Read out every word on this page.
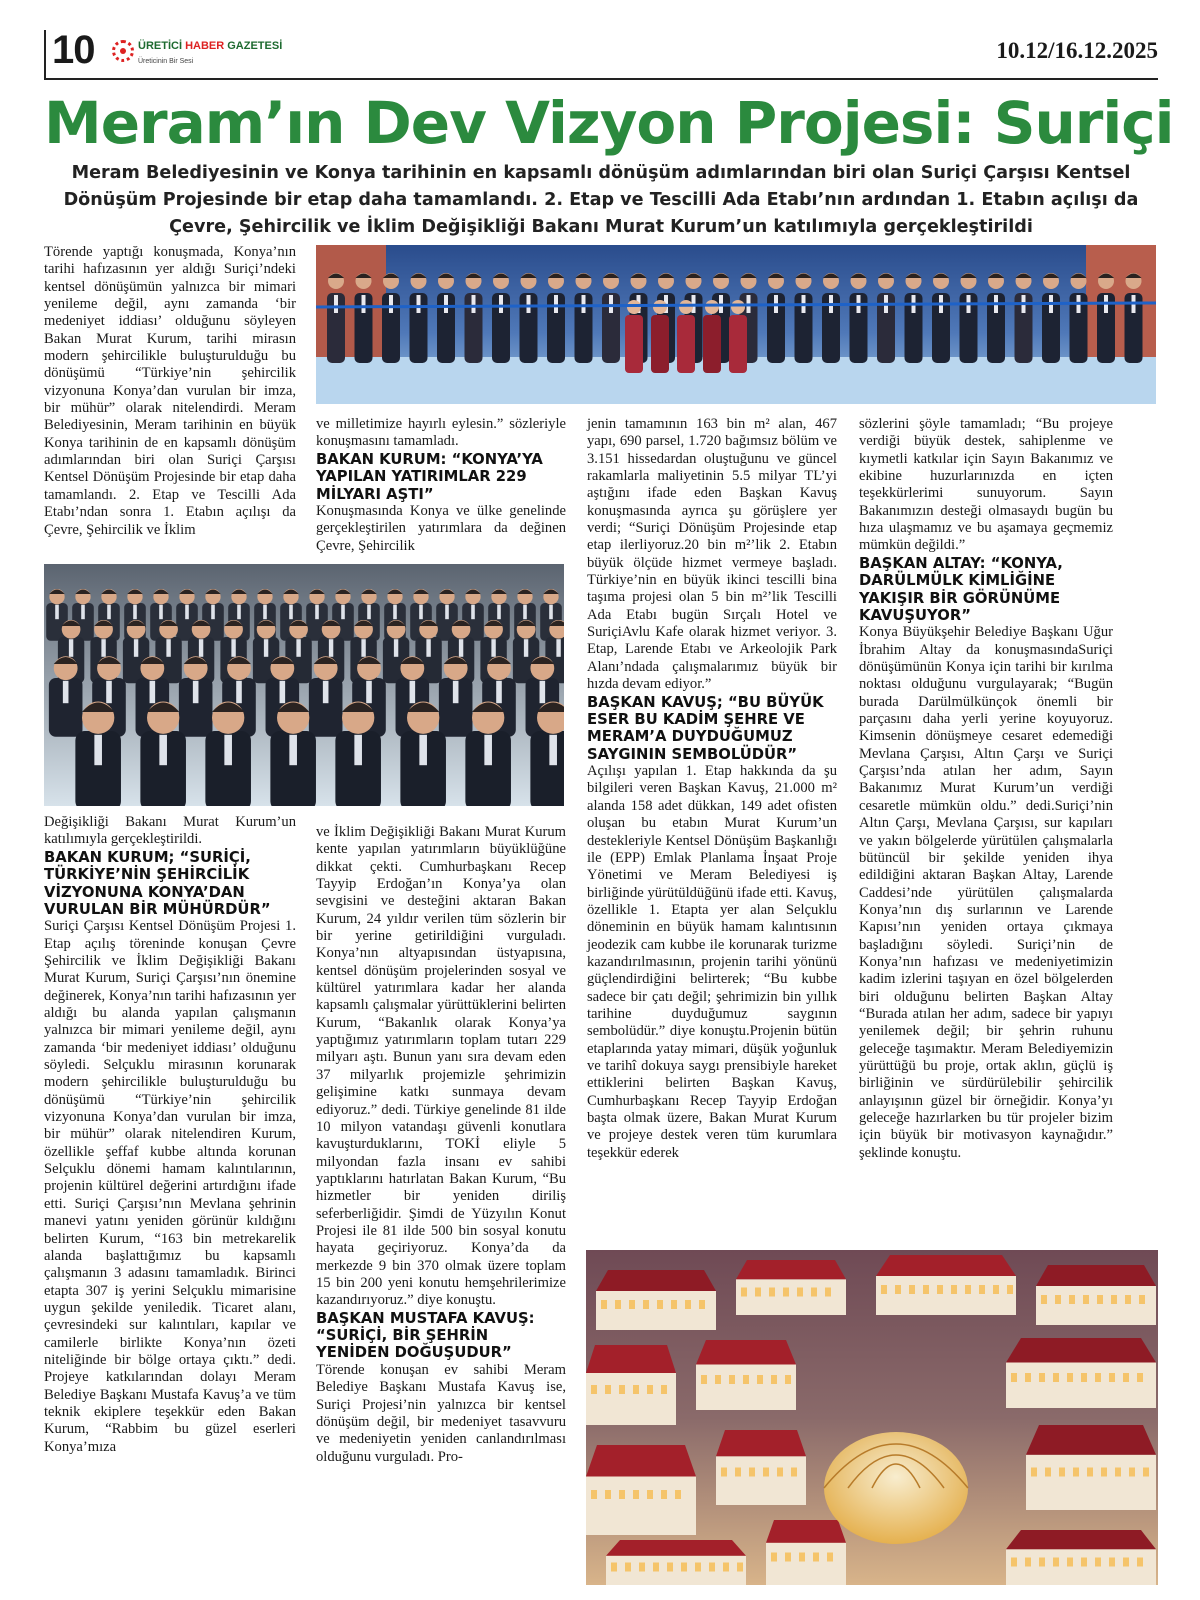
10	ÜRETİCİ HABER GAZETESİ
Üreticinin Bir Sesi	10.12/16.12.2025
Meram’ın Dev Vizyon Projesi: Suriçi
Meram Belediyesinin ve Konya tarihinin en kapsamlı dönüşüm adımlarından biri olan Suriçi Çarşısı Kentsel Dönüşüm Projesinde bir etap daha tamamlandı. 2. Etap ve Tescilli Ada Etabı’nın ardından 1. Etabın açılışı da Çevre, Şehircilik ve İklim Değişikliği Bakanı Murat Kurum’un katılımıyla gerçekleştirildi

Törende yaptığı konuşmada, Konya’nın tarihi hafızasının yer aldığı Suriçi’ndeki kentsel dönüşümün yalnızca bir mimari yenileme değil, aynı zamanda ‘bir medeniyet iddiası’ olduğunu söyleyen Bakan Murat Kurum, tarihi mirasın modern şehircilikle buluşturulduğu bu dönüşümü “Türkiye’nin şehircilik vizyonuna Konya’dan vurulan bir imza, bir mühür” olarak nitelendirdi. Meram Belediyesinin, Meram tarihinin en büyük Konya tarihinin de en kapsamlı dönüşüm adımlarından biri olan Suriçi Çarşısı Kentsel Dönüşüm Projesinde bir etap daha tamamlandı. 2. Etap ve Tescilli Ada Etabı’ndan sonra 1. Etabın açılışı da Çevre, Şehircilik ve İklim

Değişikliği Bakanı Murat Kurum’un katılımıyla gerçekleştirildi.

BAKAN KURUM; “SURİÇİ, TÜRKİYE’NİN ŞEHİRCİLİK VİZYONUNA KONYA’DAN VURULAN BİR MÜHÜRDÜR”

Suriçi Çarşısı Kentsel Dönüşüm Projesi 1. Etap açılış töreninde konuşan Çevre Şehircilik ve İklim Değişikliği Bakanı Murat Kurum, Suriçi Çarşısı’nın önemine değinerek, Konya’nın tarihi hafızasının yer aldığı bu alanda yapılan çalışmanın yalnızca bir mimari yenileme değil, aynı zamanda ‘bir medeniyet iddiası’ olduğunu söyledi. Selçuklu mirasının korunarak modern şehircilikle buluşturulduğu bu dönüşümü “Türkiye’nin şehircilik vizyonuna Konya’dan vurulan bir imza, bir mühür” olarak nitelendiren Kurum, özellikle şeffaf kubbe altında korunan Selçuklu dönemi hamam kalıntılarının, projenin kültürel değerini artırdığını ifade etti. Suriçi Çarşısı’nın Mevlana şehrinin manevi yatını yeniden görünür kıldığını belirten Kurum, “163 bin metrekarelik alanda başlattığımız bu kapsamlı çalışmanın 3 adasını tamamladık. Birinci etapta 307 iş yerini Selçuklu mimarisine uygun şekilde yeniledik. Ticaret alanı, çevresindeki sur kalıntıları, kapılar ve camilerle birlikte Konya’nın özeti niteliğinde bir bölge ortaya çıktı.” dedi. Projeye katkılarından dolayı Meram Belediye Başkanı Mustafa Kavuş’a ve tüm teknik ekiplere teşekkür eden Bakan Kurum, “Rabbim bu güzel eserleri Konya’mıza

ve milletimize hayırlı eylesin.” sözleriyle konuşmasını tamamladı.

BAKAN KURUM: “KONYA’YA YAPILAN YATIRIMLAR 229 MİLYARI AŞTI”

Konuşmasında Konya ve ülke genelinde gerçekleştirilen yatırımlara da değinen Çevre, Şehircilik

ve İklim Değişikliği Bakanı Murat Kurum kente yapılan yatırımların büyüklüğüne dikkat çekti. Cumhurbaşkanı Recep Tayyip Erdoğan’ın Konya’ya olan sevgisini ve desteğini aktaran Bakan Kurum, 24 yıldır verilen tüm sözlerin bir bir yerine getirildiğini vurguladı. Konya’nın altyapısından üstyapısına, kentsel dönüşüm projelerinden sosyal ve kültürel yatırımlara kadar her alanda kapsamlı çalışmalar yürüttüklerini belirten Kurum, “Bakanlık olarak Konya’ya yaptığımız yatırımların toplam tutarı 229 milyarı aştı. Bunun yanı sıra devam eden 37 milyarlık projemizle şehrimizin gelişimine katkı sunmaya devam ediyoruz.” dedi. Türkiye genelinde 81 ilde 10 milyon vatandaşı güvenli konutlara kavuşturduklarını, TOKİ eliyle 5 milyondan fazla insanı ev sahibi yaptıklarını hatırlatan Bakan Kurum, “Bu hizmetler bir yeniden diriliş seferberliğidir. Şimdi de Yüzyılın Konut Projesi ile 81 ilde 500 bin sosyal konutu hayata geçiriyoruz. Konya’da da merkezde 9 bin 370 olmak üzere toplam 15 bin 200 yeni konutu hemşehrilerimize kazandırıyoruz.” diye konuştu.

BAŞKAN MUSTAFA KAVUŞ: “SURİÇİ, BİR ŞEHRİN YENİDEN DOĞUŞUDUR”

Törende konuşan ev sahibi Meram Belediye Başkanı Mustafa Kavuş ise, Suriçi Projesi’nin yalnızca bir kentsel dönüşüm değil, bir medeniyet tasavvuru ve medeniyetin yeniden canlandırılması olduğunu vurguladı. Pro-

jenin tamamının 163 bin m² alan, 467 yapı, 690 parsel, 1.720 bağımsız bölüm ve 3.151 hissedardan oluştuğunu ve güncel rakamlarla maliyetinin 5.5 milyar TL’yi aştığını ifade eden Başkan Kavuş konuşmasında ayrıca şu görüşlere yer verdi; “Suriçi Dönüşüm Projesinde etap etap ilerliyoruz.20 bin m²’lik 2. Etabın büyük ölçüde hizmet vermeye başladı. Türkiye’nin en büyük ikinci tescilli bina taşıma projesi olan 5 bin m²’lik Tescilli Ada Etabı bugün Sırçalı Hotel ve SuriçiAvlu Kafe olarak hizmet veriyor. 3. Etap, Larende Etabı ve Arkeolojik Park Alanı’ndada çalışmalarımız büyük bir hızda devam ediyor.”

BAŞKAN KAVUŞ; “BU BÜYÜK ESER BU KADİM ŞEHRE VE MERAM’A DUYDUĞUMUZ SAYGININ SEMBOLÜDÜR”

Açılışı yapılan 1. Etap hakkında da şu bilgileri veren Başkan Kavuş, 21.000 m² alanda 158 adet dükkan, 149 adet ofisten oluşan bu etabın Murat Kurum’un destekleriyle Kentsel Dönüşüm Başkanlığı ile (EPP) Emlak Planlama İnşaat Proje Yönetimi ve Meram Belediyesi iş birliğinde yürütüldüğünü ifade etti. Kavuş, özellikle 1. Etapta yer alan Selçuklu döneminin en büyük hamam kalıntısının jeodezik cam kubbe ile korunarak turizme kazandırılmasının, projenin tarihi yönünü güçlendirdiğini belirterek; “Bu kubbe sadece bir çatı değil; şehrimizin bin yıllık tarihine duyduğumuz saygının sembolüdür.” diye konuştu.Projenin bütün etaplarında yatay mimari, düşük yoğunluk ve tarihî dokuya saygı prensibiyle hareket ettiklerini belirten Başkan Kavuş, Cumhurbaşkanı Recep Tayyip Erdoğan başta olmak üzere, Bakan Murat Kurum ve projeye destek veren tüm kurumlara teşekkür ederek

sözlerini şöyle tamamladı; “Bu projeye verdiği büyük destek, sahiplenme ve kıymetli katkılar için Sayın Bakanımız ve ekibine huzurlarınızda en içten teşekkürlerimi sunuyorum. Sayın Bakanımızın desteği olmasaydı bugün bu hıza ulaşmamız ve bu aşamaya geçmemiz mümkün değildi.”

BAŞKAN ALTAY: “KONYA, DARÜLMÜLK KİMLİĞİNE YAKIŞIR BİR GÖRÜNÜME KAVUŞUYOR”

Konya Büyükşehir Belediye Başkanı Uğur İbrahim Altay da konuşmasındaSuriçi dönüşümünün Konya için tarihi bir kırılma noktası olduğunu vurgulayarak; “Bugün burada Darülmülkünçok önemli bir parçasını daha yerli yerine koyuyoruz. Kimsenin dönüşmeye cesaret edemediği Mevlana Çarşısı, Altın Çarşı ve Suriçi Çarşısı’nda atılan her adım, Sayın Bakanımız Murat Kurum’un verdiği cesaretle mümkün oldu.” dedi.Suriçi’nin Altın Çarşı, Mevlana Çarşısı, sur kapıları ve yakın bölgelerde yürütülen çalışmalarla bütüncül bir şekilde yeniden ihya edildiğini aktaran Başkan Altay, Larende Caddesi’nde yürütülen çalışmalarda Konya’nın dış surlarının ve Larende Kapısı’nın yeniden ortaya çıkmaya başladığını söyledi. Suriçi’nin de Konya’nın hafızası ve medeniyetimizin kadim izlerini taşıyan en özel bölgelerden biri olduğunu belirten Başkan Altay “Burada atılan her adım, sadece bir yapıyı yenilemek değil; bir şehrin ruhunu geleceğe taşımaktır. Meram Belediyemizin yürüttüğü bu proje, ortak aklın, güçlü iş birliğinin ve sürdürülebilir şehircilik anlayışının güzel bir örneğidir. Konya’yı geleceğe hazırlarken bu tür projeler bizim için büyük bir motivasyon kaynağıdır.” şeklinde konuştu.
